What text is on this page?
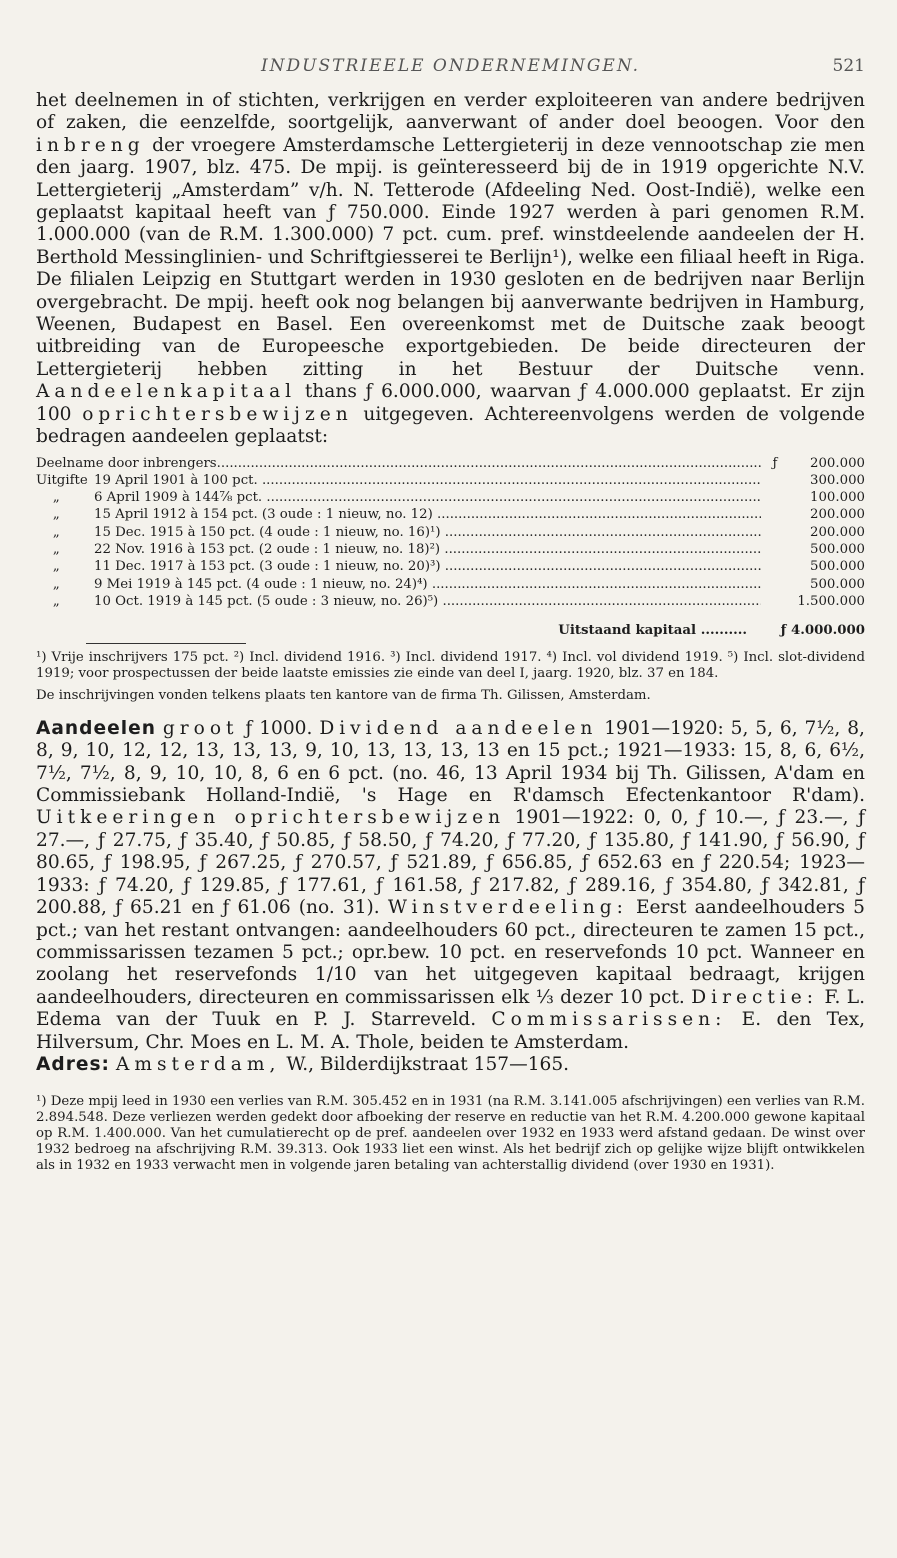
INDUSTRIEELE ONDERNEMINGEN.	521

het deelnemen in of stichten, verkrijgen en verder exploiteeren van andere bedrijven of zaken, die eenzelfde, soortgelijk, aanverwant of ander doel beoogen. Voor den inbreng der vroegere Amsterdamsche Lettergieterij in deze vennootschap zie men den jaarg. 1907, blz. 475. De mpij. is geïnteresseerd bij de in 1919 opgerichte N.V. Lettergieterij „Amsterdam” v/h. N. Tetterode (Afdeeling Ned. Oost-Indië), welke een geplaatst kapitaal heeft van ƒ 750.000. Einde 1927 werden à pari genomen R.M. 1.000.000 (van de R.M. 1.300.000) 7 pct. cum. pref. winstdeelende aandeelen der H. Berthold Messinglinien- und Schriftgiesserei te Berlijn¹), welke een filiaal heeft in Riga. De filialen Leipzig en Stuttgart werden in 1930 gesloten en de bedrijven naar Berlijn overgebracht. De mpij. heeft ook nog belangen bij aanverwante bedrijven in Hamburg, Weenen, Budapest en Basel. Een overeenkomst met de Duitsche zaak beoogt uitbreiding van de Europeesche exportgebieden. De beide directeuren der Lettergieterij hebben zitting in het Bestuur der Duitsche venn. Aandeelenkapitaal thans ƒ 6.000.000, waarvan ƒ 4.000.000 geplaatst. Er zijn 100 oprichtersbewijzen uitgegeven. Achtereenvolgens werden de volgende bedragen aandeelen geplaatst:

Deelname door inbrengers
.....	ƒ	200.000
Uitgifte 19 April 1901 à 100 pct. .....	300.000
„	6 April 1909 à 144⅞ pct. .....	100.000
„	15 April 1912 à 154 pct. (3 oude : 1 nieuw, no. 12) .....	200.000
„	15 Dec. 1915 à 150 pct. (4 oude : 1 nieuw, no. 16)¹) .....	200.000
„	22 Nov. 1916 à 153 pct. (2 oude : 1 nieuw, no. 18)²) .....	500.000
„	11 Dec. 1917 à 153 pct. (3 oude : 1 nieuw, no. 20)³) .....	500.000
„	9 Mei 1919 à 145 pct. (4 oude : 1 nieuw, no. 24)⁴) .....	500.000
„	10 Oct. 1919 à 145 pct. (5 oude : 3 nieuw, no. 26)⁵) .....	1.500.000
Uitstaand kapitaal ..........	ƒ 4.000.000

¹) Vrije inschrijvers 175 pct. ²) Incl. dividend 1916. ³) Incl. dividend 1917. ⁴) Incl. vol dividend 1919. ⁵) Incl. slot-dividend 1919; voor prospectussen der beide laatste emissies zie einde van deel I, jaarg. 1920, blz. 37 en 184.

De inschrijvingen vonden telkens plaats ten kantore van de firma Th. Gilissen, Amsterdam.

Aandeelen groot ƒ 1000. Dividend aandeelen 1901—1920: 5, 5, 6, 7½, 8, 8, 9, 10, 12, 12, 13, 13, 13, 9, 10, 13, 13, 13, 13 en 15 pct.; 1921—1933: 15, 8, 6, 6½, 7½, 7½, 8, 9, 10, 10, 8, 6 en 6 pct. (no. 46, 13 April 1934 bij Th. Gilissen, A'dam en Commissiebank Holland-Indië, 's Hage en R'damsch Efectenkantoor R'dam). Uitkeeringen oprichtersbewijzen 1901—1922: 0, 0, ƒ 10.—, ƒ 23.—, ƒ 27.—, ƒ 27.75, ƒ 35.40, ƒ 50.85, ƒ 58.50, ƒ 74.20, ƒ 77.20, ƒ 135.80, ƒ 141.90, ƒ 56.90, ƒ 80.65, ƒ 198.95, ƒ 267.25, ƒ 270.57, ƒ 521.89, ƒ 656.85, ƒ 652.63 en ƒ 220.54; 1923—1933: ƒ 74.20, ƒ 129.85, ƒ 177.61, ƒ 161.58, ƒ 217.82, ƒ 289.16, ƒ 354.80, ƒ 342.81, ƒ 200.88, ƒ 65.21 en ƒ 61.06 (no. 31). Winstverdeeling: Eerst aandeelhouders 5 pct.; van het restant ontvangen: aandeelhouders 60 pct., directeuren te zamen 15 pct., commissarissen tezamen 5 pct.; opr.bew. 10 pct. en reservefonds 10 pct. Wanneer en zoolang het reservefonds 1/10 van het uitgegeven kapitaal bedraagt, krijgen aandeelhouders, directeuren en commissarissen elk ⅓ dezer 10 pct. Directie: F. L. Edema van der Tuuk en P. J. Starreveld. Commissarissen: E. den Tex, Hilversum, Chr. Moes en L. M. A. Thole, beiden te Amsterdam.
Adres: Amsterdam, W., Bilderdijkstraat 157—165.

¹) Deze mpij leed in 1930 een verlies van R.M. 305.452 en in 1931 (na R.M. 3.141.005 afschrijvingen) een verlies van R.M. 2.894.548. Deze verliezen werden gedekt door afboeking der reserve en reductie van het R.M. 4.200.000 gewone kapitaal op R.M. 1.400.000. Van het cumulatierecht op de pref. aandeelen over 1932 en 1933 werd afstand gedaan. De winst over 1932 bedroeg na afschrijving R.M. 39.313. Ook 1933 liet een winst. Als het bedrijf zich op gelijke wijze blijft ontwikkelen als in 1932 en 1933 verwacht men in volgende jaren betaling van achterstallig dividend (over 1930 en 1931).
